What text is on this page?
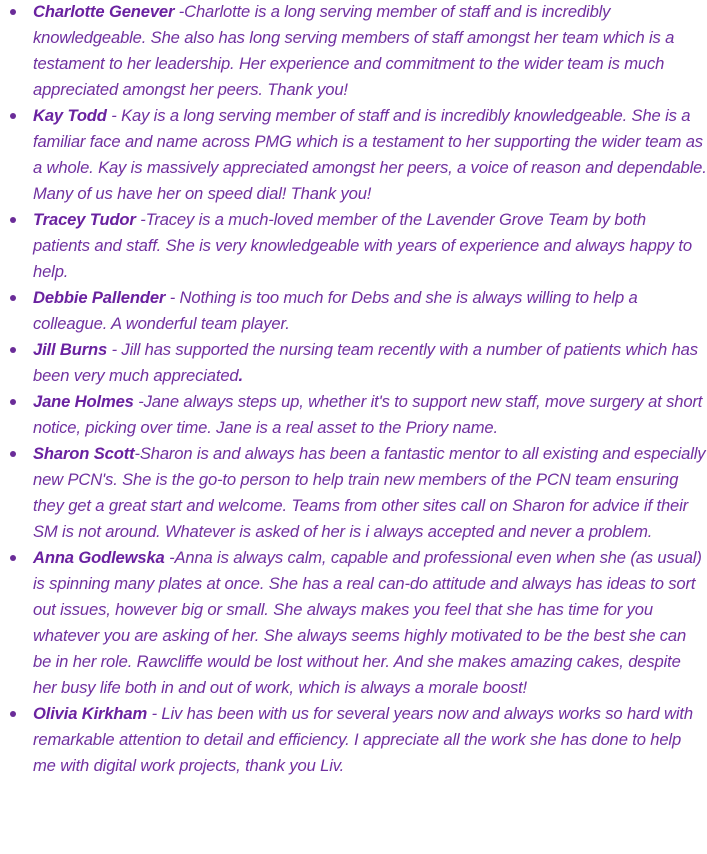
Charlotte Genever -Charlotte is a long serving member of staff and is incredibly knowledgeable. She also has long serving members of staff amongst her team which is a testament to her leadership. Her experience and commitment to the wider team is much appreciated amongst her peers. Thank you!
Kay Todd - Kay is a long serving member of staff and is incredibly knowledgeable. She is a familiar face and name across PMG which is a testament to her supporting the wider team as a whole. Kay is massively appreciated amongst her peers, a voice of reason and dependable. Many of us have her on speed dial! Thank you!
Tracey Tudor -Tracey is a much-loved member of the Lavender Grove Team by both patients and staff. She is very knowledgeable with years of experience and always happy to help.
Debbie Pallender - Nothing is too much for Debs and she is always willing to help a colleague. A wonderful team player.
Jill Burns - Jill has supported the nursing team recently with a number of patients which has been very much appreciated.
Jane Holmes -Jane always steps up, whether it's to support new staff, move surgery at short notice, picking over time. Jane is a real asset to the Priory name.
Sharon Scott-Sharon is and always has been a fantastic mentor to all existing and especially new PCN's. She is the go-to person to help train new members of the PCN team ensuring they get a great start and welcome. Teams from other sites call on Sharon for advice if their SM is not around. Whatever is asked of her is i always accepted and never a problem.
Anna Godlewska -Anna is always calm, capable and professional even when she (as usual) is spinning many plates at once. She has a real can-do attitude and always has ideas to sort out issues, however big or small. She always makes you feel that she has time for you whatever you are asking of her. She always seems highly motivated to be the best she can be in her role. Rawcliffe would be lost without her. And she makes amazing cakes, despite her busy life both in and out of work, which is always a morale boost!
Olivia Kirkham - Liv has been with us for several years now and always works so hard with remarkable attention to detail and efficiency. I appreciate all the work she has done to help me with digital work projects, thank you Liv.
